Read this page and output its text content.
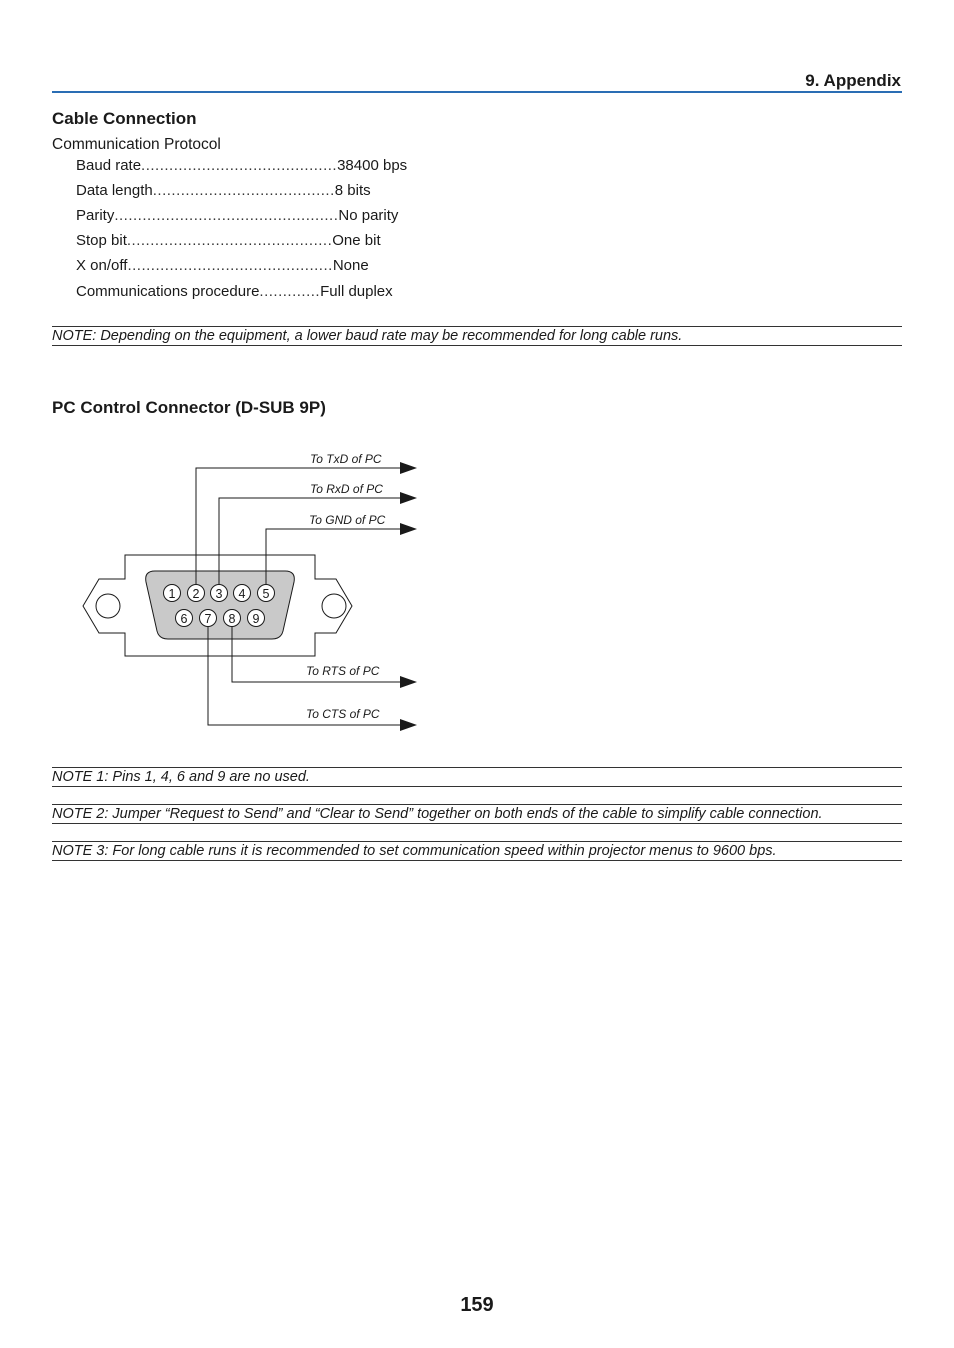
9. Appendix
Cable Connection
Communication Protocol
Baud rate .......................................... 38400 bps
Data length ....................................... 8 bits
Parity ................................................ No parity
Stop bit ............................................ One bit
X on/off ............................................ None
Communications procedure ............. Full duplex
NOTE: Depending on the equipment, a lower baud rate may be recommended for long cable runs.
PC Control Connector (D-SUB 9P)
1 2 3 4 5
6 7 8 9
To TxD of PC
To RxD of PC
To GND of PC
To RTS of PC
To CTS of PC
NOTE 1: Pins 1, 4, 6 and 9 are no used.
NOTE 2: Jumper “Request to Send” and “Clear to Send” together on both ends of the cable to simplify cable connection.
NOTE 3: For long cable runs it is recommended to set communication speed within projector menus to 9600 bps.
159
